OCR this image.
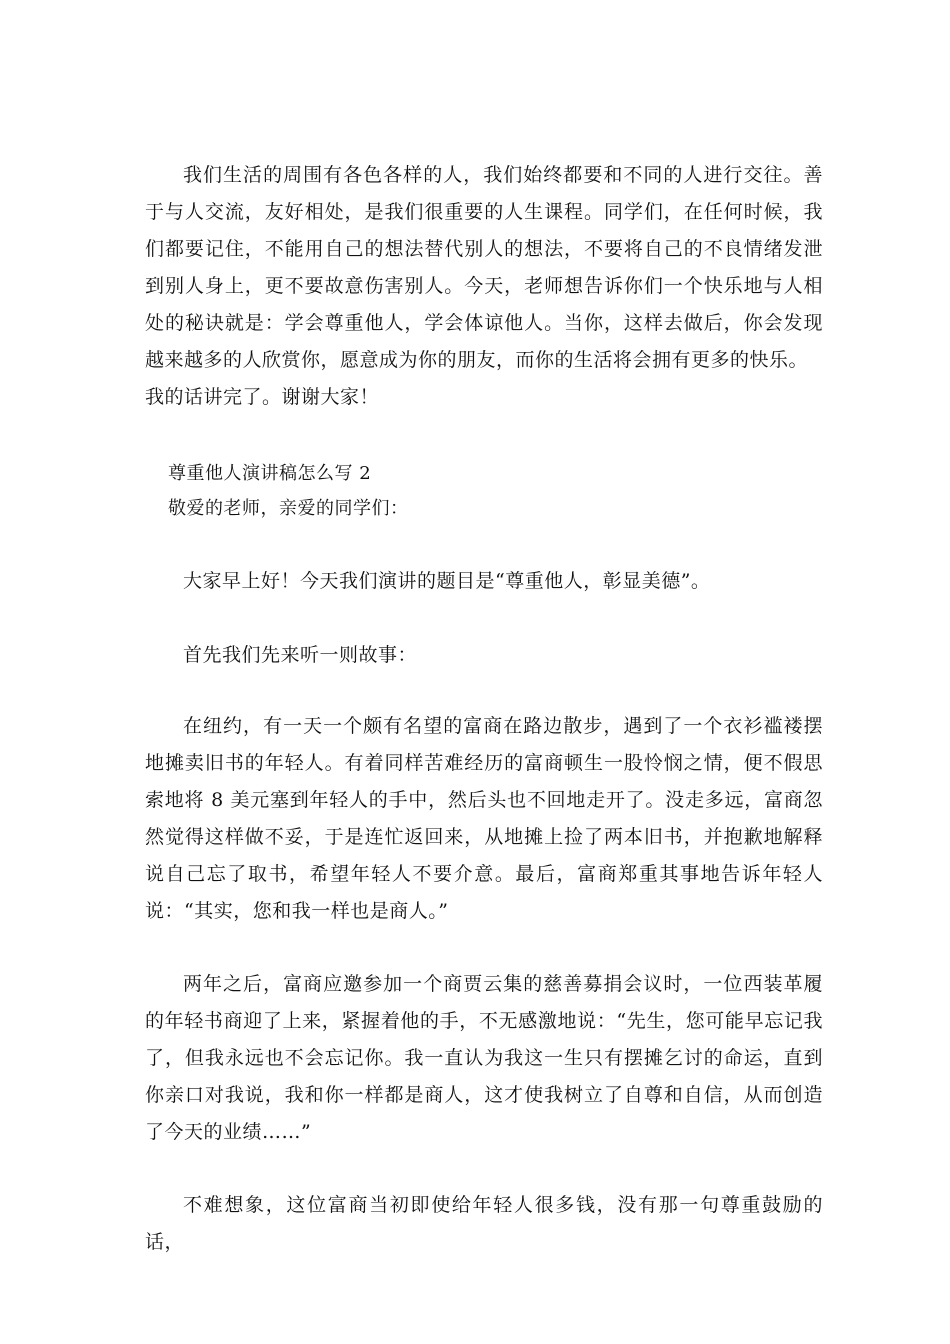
我们生活的周围有各色各样的人，我们始终都要和不同的人进行交往。善于与人交流，友好相处，是我们很重要的人生课程。同学们，在任何时候，我们都要记住，不能用自己的想法替代别人的想法，不要将自己的不良情绪发泄到别人身上，更不要故意伤害别人。今天，老师想告诉你们一个快乐地与人相处的秘诀就是：学会尊重他人，学会体谅他人。当你，这样去做后，你会发现越来越多的人欣赏你，愿意成为你的朋友，而你的生活将会拥有更多的快乐。

我的话讲完了。谢谢大家！

尊重他人演讲稿怎么写 2

敬爱的老师，亲爱的同学们：

大家早上好！今天我们演讲的题目是“尊重他人，彰显美德”。

首先我们先来听一则故事：

在纽约，有一天一个颇有名望的富商在路边散步，遇到了一个衣衫褴褛摆地摊卖旧书的年轻人。有着同样苦难经历的富商顿生一股怜悯之情，便不假思索地将 8 美元塞到年轻人的手中，然后头也不回地走开了。没走多远，富商忽然觉得这样做不妥，于是连忙返回来，从地摊上捡了两本旧书，并抱歉地解释说自己忘了取书，希望年轻人不要介意。最后，富商郑重其事地告诉年轻人说：“其实，您和我一样也是商人。”

两年之后，富商应邀参加一个商贾云集的慈善募捐会议时，一位西装革履的年轻书商迎了上来，紧握着他的手，不无感激地说：“先生，您可能早忘记我了，但我永远也不会忘记你。我一直认为我这一生只有摆摊乞讨的命运，直到你亲口对我说，我和你一样都是商人，这才使我树立了自尊和自信，从而创造了今天的业绩……”

不难想象，这位富商当初即使给年轻人很多钱，没有那一句尊重鼓励的话，
